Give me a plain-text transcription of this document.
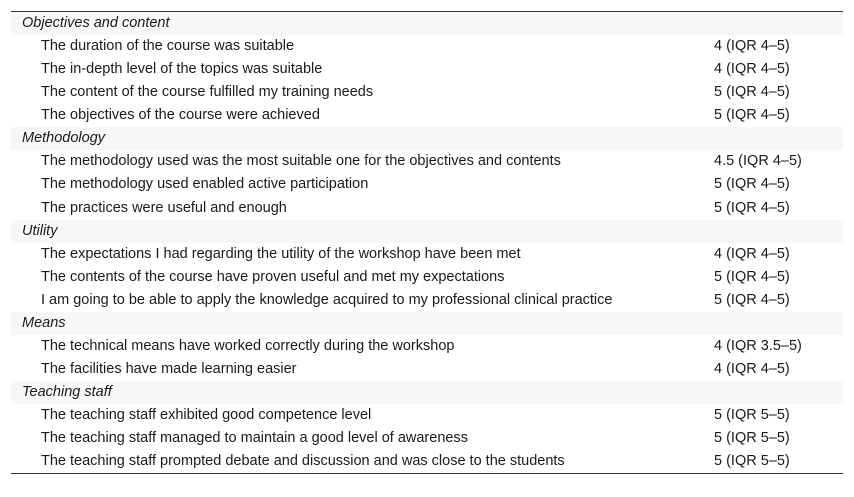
Objectives and content
The duration of the course was suitable	4 (IQR 4–5)
The in-depth level of the topics was suitable	4 (IQR 4–5)
The content of the course fulfilled my training needs	5 (IQR 4–5)
The objectives of the course were achieved	5 (IQR 4–5)
Methodology
The methodology used was the most suitable one for the objectives and contents	4.5 (IQR 4–5)
The methodology used enabled active participation	5 (IQR 4–5)
The practices were useful and enough	5 (IQR 4–5)
Utility
The expectations I had regarding the utility of the workshop have been met	4 (IQR 4–5)
The contents of the course have proven useful and met my expectations	5 (IQR 4–5)
I am going to be able to apply the knowledge acquired to my professional clinical practice	5 (IQR 4–5)
Means
The technical means have worked correctly during the workshop	4 (IQR 3.5–5)
The facilities have made learning easier	4 (IQR 4–5)
Teaching staff
The teaching staff exhibited good competence level	5 (IQR 5–5)
The teaching staff managed to maintain a good level of awareness	5 (IQR 5–5)
The teaching staff prompted debate and discussion and was close to the students	5 (IQR 5–5)
